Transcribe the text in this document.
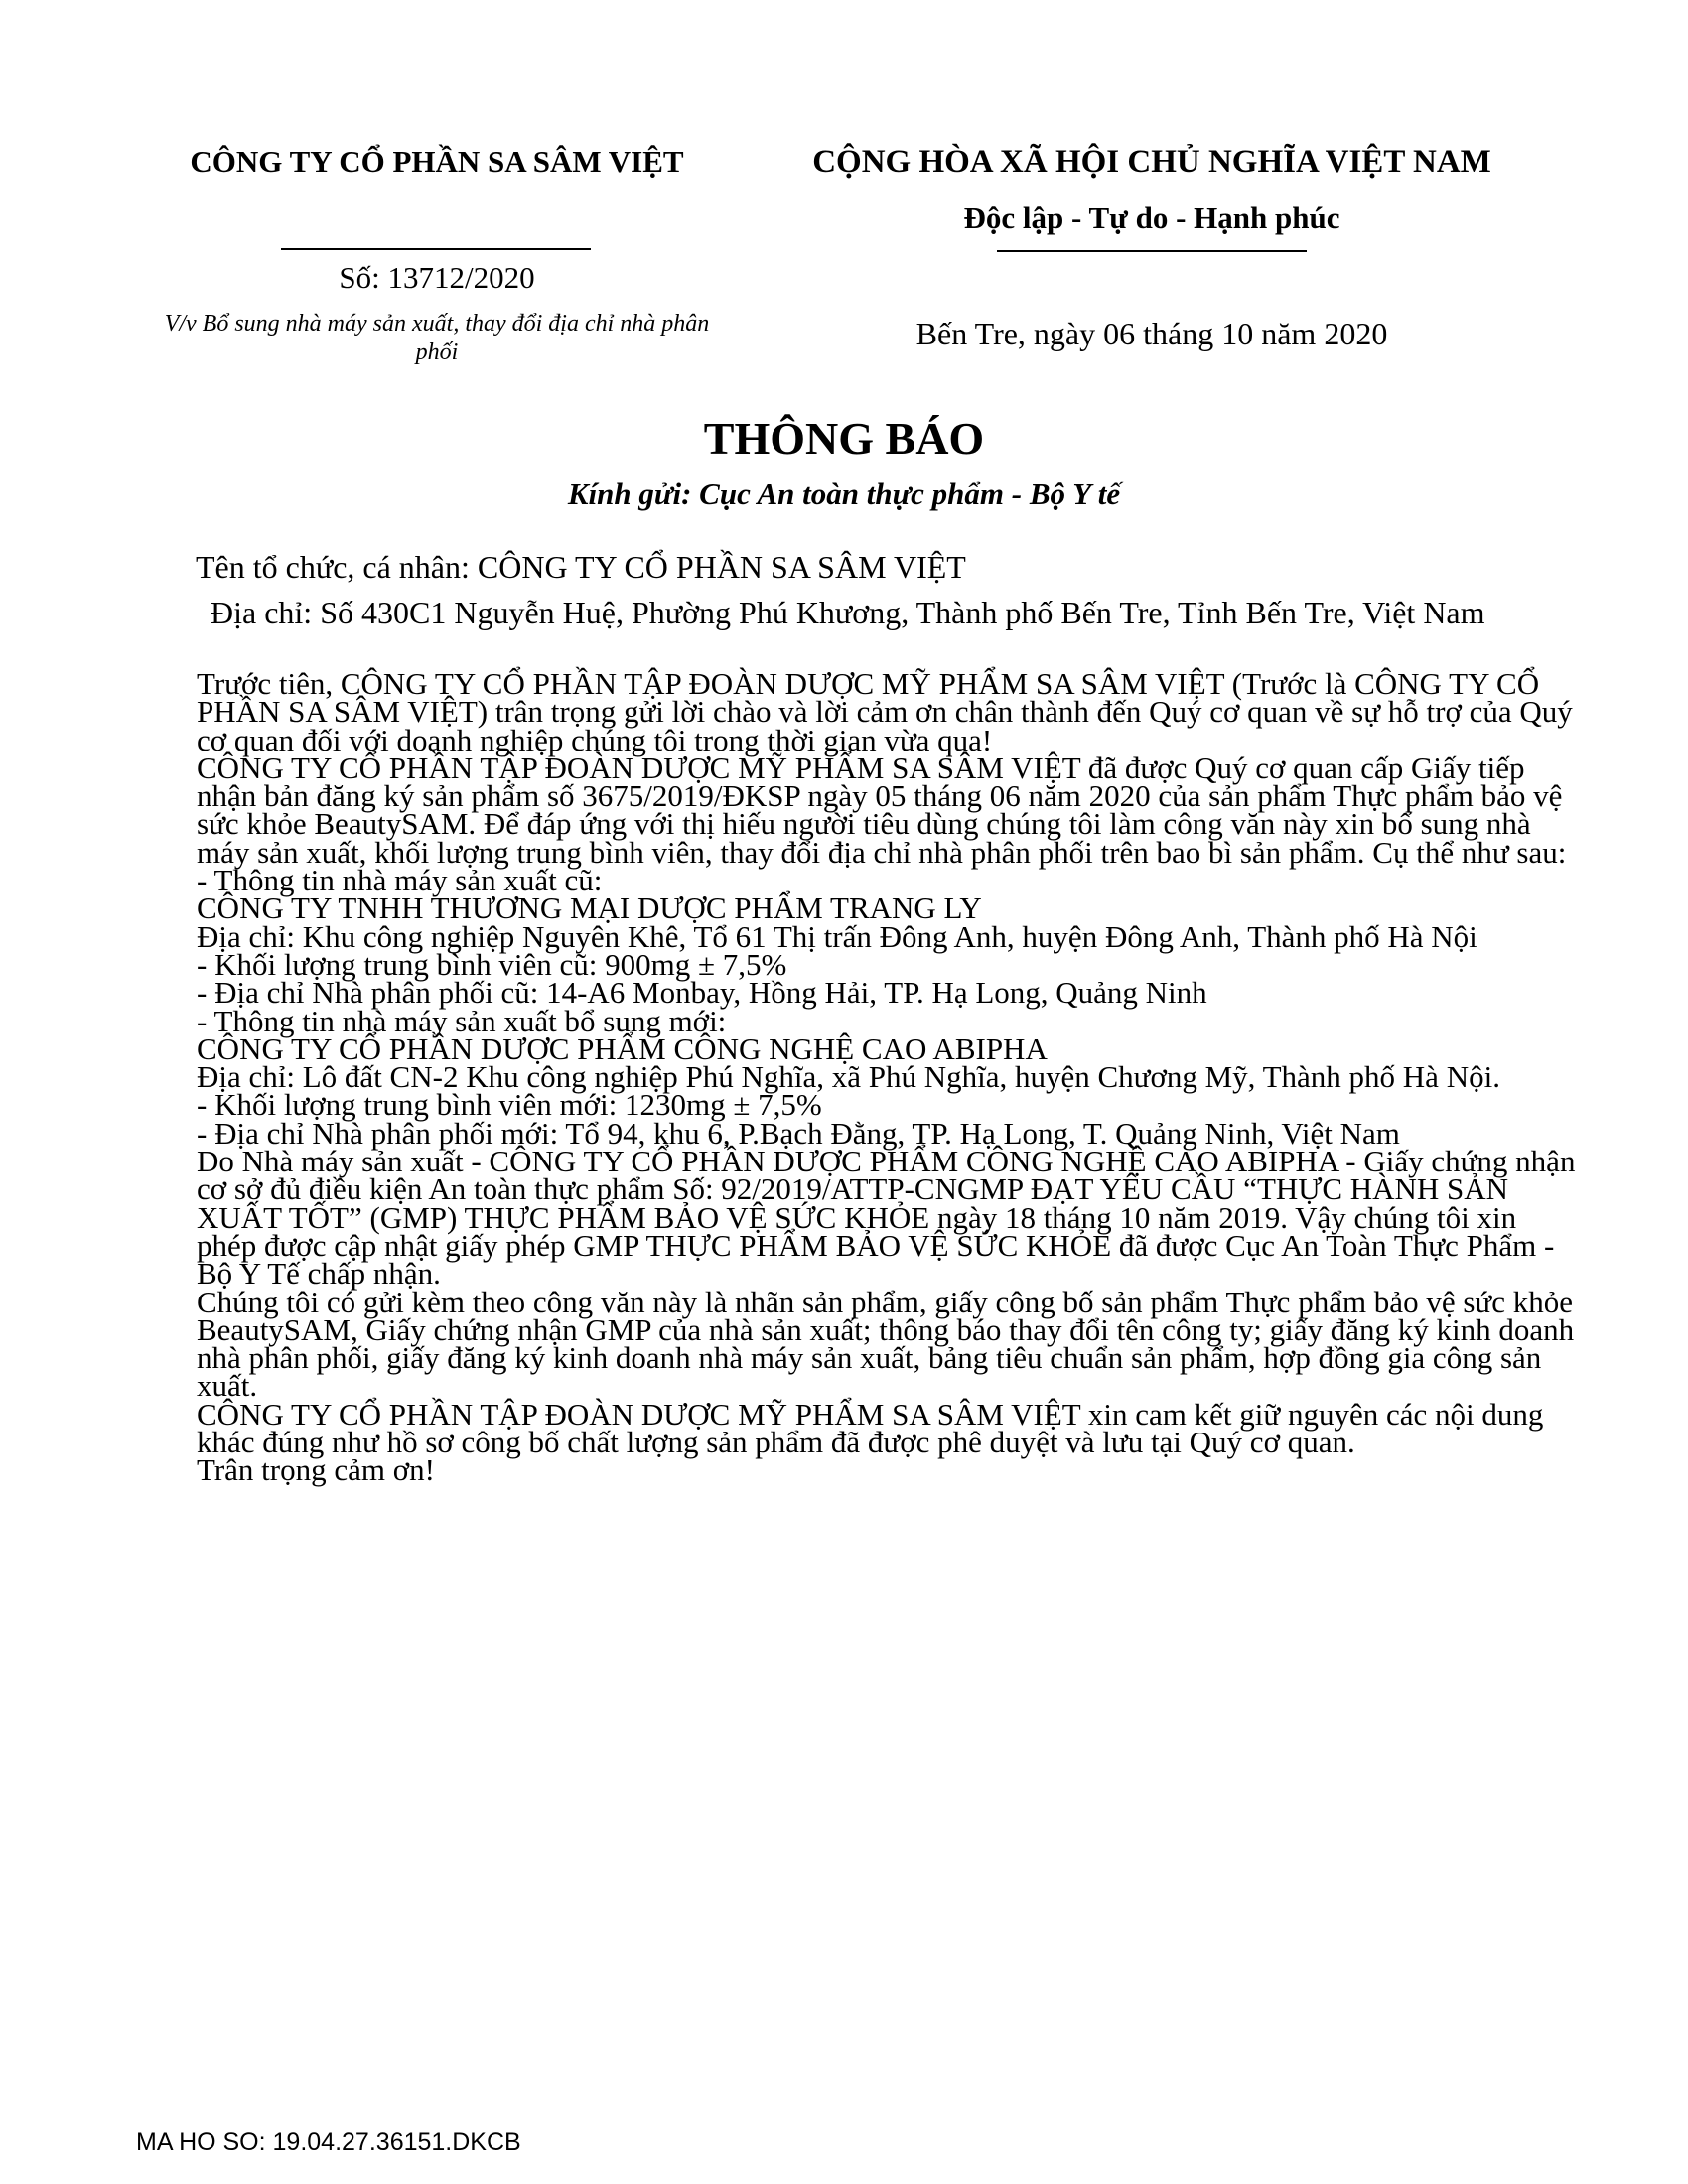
CÔNG TY CỔ PHẦN SA SÂM VIỆT
Số: 13712/2020
V/v Bổ sung nhà máy sản xuất, thay đổi địa chỉ nhà phân phối
CỘNG HÒA XÃ HỘI CHỦ NGHĨA VIỆT NAM
Độc lập - Tự do - Hạnh phúc
Bến Tre, ngày 06 tháng 10 năm 2020
THÔNG BÁO
Kính gửi: Cục An toàn thực phẩm - Bộ Y tế
Tên tổ chức, cá nhân: CÔNG TY CỔ PHẦN SA SÂM VIỆT
Địa chỉ: Số 430C1 Nguyễn Huệ, Phường Phú Khương, Thành phố Bến Tre, Tỉnh Bến Tre, Việt Nam

Trước tiên, CÔNG TY CỔ PHẦN TẬP ĐOÀN DƯỢC MỸ PHẨM SA SÂM VIỆT (Trước là CÔNG TY CỔ PHẦN SA SÂM VIỆT) trân trọng gửi lời chào và lời cảm ơn chân thành đến Quý cơ quan về sự hỗ trợ của Quý cơ quan đối với doanh nghiệp chúng tôi trong thời gian vừa qua!

CÔNG TY CỔ PHẦN TẬP ĐOÀN DƯỢC MỸ PHẨM SA SÂM VIỆT đã được Quý cơ quan cấp Giấy tiếp nhận bản đăng ký sản phẩm số 3675/2019/ĐKSP ngày 05 tháng 06 năm 2020 của sản phẩm Thực phẩm bảo vệ sức khỏe BeautySAM. Để đáp ứng với thị hiếu người tiêu dùng chúng tôi làm công văn này xin bổ sung nhà máy sản xuất, khối lượng trung bình viên, thay đổi địa chỉ nhà phân phối trên bao bì sản phẩm. Cụ thể như sau:

- Thông tin nhà máy sản xuất cũ:

CÔNG TY TNHH THƯƠNG MẠI DƯỢC PHẨM TRANG LY

Địa chỉ: Khu công nghiệp Nguyên Khê, Tổ 61 Thị trấn Đông Anh, huyện Đông Anh, Thành phố Hà Nội

- Khối lượng trung bình viên cũ: 900mg ± 7,5%

- Địa chỉ Nhà phân phối cũ: 14-A6 Monbay, Hồng Hải, TP. Hạ Long, Quảng Ninh

- Thông tin nhà máy sản xuất bổ sung mới:

CÔNG TY CỔ PHẦN DƯỢC PHẨM CÔNG NGHỆ CAO ABIPHA

Địa chỉ: Lô đất CN-2 Khu công nghiệp Phú Nghĩa, xã Phú Nghĩa, huyện Chương Mỹ, Thành phố Hà Nội.

- Khối lượng trung bình viên mới: 1230mg ± 7,5%

- Địa chỉ Nhà phân phối mới: Tổ 94, khu 6, P.Bạch Đằng, TP. Hạ Long, T. Quảng Ninh, Việt Nam

Do Nhà máy sản xuất - CÔNG TY CỔ PHẦN DƯỢC PHẨM CÔNG NGHỆ CAO ABIPHA - Giấy chứng nhận cơ sở đủ điều kiện An toàn thực phẩm Số: 92/2019/ATTP-CNGMP ĐẠT YÊU CẦU “THỰC HÀNH SẢN XUẤT TỐT” (GMP) THỰC PHẨM BẢO VỆ SỨC KHỎE ngày 18 tháng 10 năm 2019. Vậy chúng tôi xin phép được cập nhật giấy phép GMP THỰC PHẨM BẢO VỆ SỨC KHỎE đã được Cục An Toàn Thực Phẩm - Bộ Y Tế chấp nhận.

Chúng tôi có gửi kèm theo công văn này là nhãn sản phẩm, giấy công bố sản phẩm Thực phẩm bảo vệ sức khỏe BeautySAM, Giấy chứng nhận GMP của nhà sản xuất; thông báo thay đổi tên công ty; giấy đăng ký kinh doanh nhà phân phối, giấy đăng ký kinh doanh nhà máy sản xuất, bảng tiêu chuẩn sản phẩm, hợp đồng gia công sản xuất.

CÔNG TY CỔ PHẦN TẬP ĐOÀN DƯỢC MỸ PHẨM SA SÂM VIỆT xin cam kết giữ nguyên các nội dung khác đúng như hồ sơ công bố chất lượng sản phẩm đã được phê duyệt và lưu tại Quý cơ quan.

Trân trọng cảm ơn!

MA HO SO: 19.04.27.36151.DKCB
